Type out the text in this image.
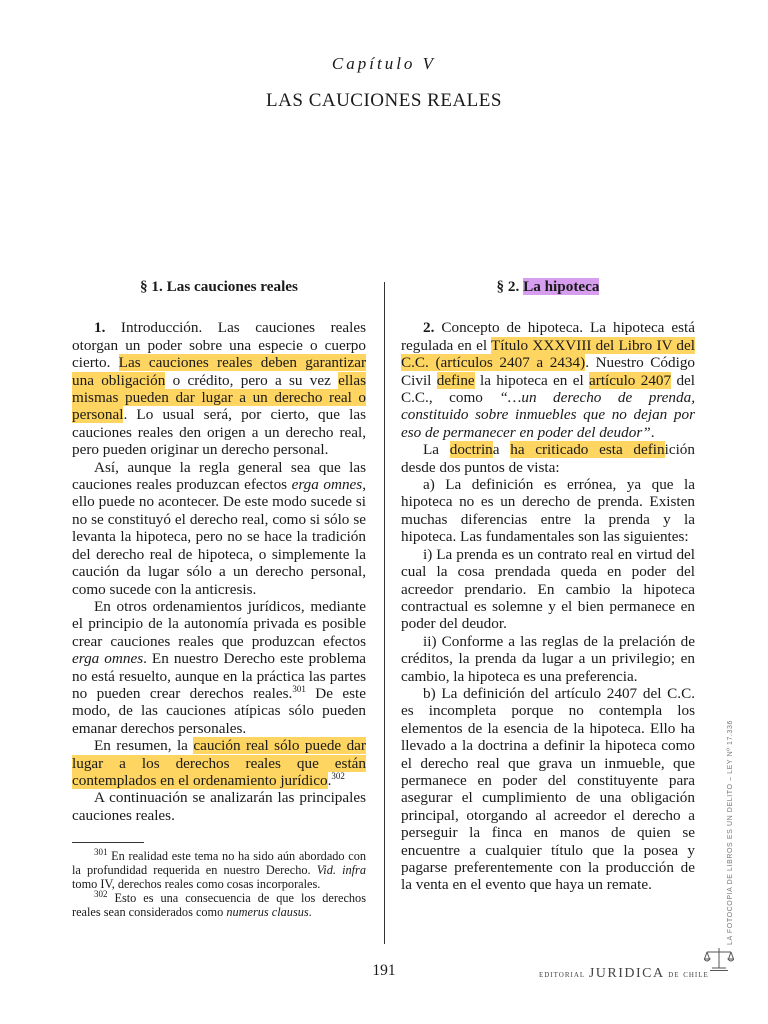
Capítulo V
LAS CAUCIONES REALES
§ 1. Las cauciones reales

1. Introducción. Las cauciones reales otorgan un poder sobre una especie o cuerpo cierto. Las cauciones reales deben garantizar una obligación o crédito, pero a su vez ellas mismas pueden dar lugar a un derecho real o personal. Lo usual será, por cierto, que las cauciones reales den origen a un derecho real, pero pueden originar un derecho personal.

Así, aunque la regla general sea que las cauciones reales produzcan efectos erga omnes, ello puede no acontecer. De este modo sucede si no se constituyó el derecho real, como si sólo se levanta la hipoteca, pero no se hace la tradición del derecho real de hipoteca, o simplemente la caución da lugar sólo a un derecho personal, como sucede con la anticresis.

En otros ordenamientos jurídicos, mediante el principio de la autonomía privada es posible crear cauciones reales que produzcan efectos erga omnes. En nuestro Derecho este problema no está resuelto, aunque en la práctica las partes no pueden crear derechos reales.$^{301}$ De este modo, de las cauciones atípicas sólo pueden emanar derechos personales.

En resumen, la caución real sólo puede dar lugar a los derechos reales que están contemplados en el ordenamiento jurídico.$^{302}$

A continuación se analizarán las principales cauciones reales.

$^{301}$ En realidad este tema no ha sido aún abordado con la profundidad requerida en nuestro Derecho. Vid. infra tomo IV, derechos reales como cosas incorporales.

$^{302}$ Esto es una consecuencia de que los derechos reales sean considerados como numerus clausus.

§ 2. La hipoteca

2. Concepto de hipoteca. La hipoteca está regulada en el Título XXXVIII del Libro IV del C.C. (artículos 2407 a 2434). Nuestro Código Civil define la hipoteca en el artículo 2407 del C.C., como “…un derecho de prenda, constituido sobre inmuebles que no dejan por eso de permanecer en poder del deudor”.

La doctrina ha criticado esta definición desde dos puntos de vista:

a) La definición es errónea, ya que la hipoteca no es un derecho de prenda. Existen muchas diferencias entre la prenda y la hipoteca. Las fundamentales son las siguientes:

i) La prenda es un contrato real en virtud del cual la cosa prendada queda en poder del acreedor prendario. En cambio la hipoteca contractual es solemne y el bien permanece en poder del deudor.

ii) Conforme a las reglas de la prelación de créditos, la prenda da lugar a un privilegio; en cambio, la hipoteca es una preferencia.

b) La definición del artículo 2407 del C.C. es incompleta porque no contempla los elementos de la esencia de la hipoteca. Ello ha llevado a la doctrina a definir la hipoteca como el derecho real que grava un inmueble, que permanece en poder del constituyente para asegurar el cumplimiento de una obligación principal, otorgando al acreedor el derecho a perseguir la finca en manos de quien se encuentre a cualquier título que la posea y pagarse preferentemente con la producción de la venta en el evento que haya un remate.	LA FOTOCOPIA DE LIBROS ES UN DELITO – LEY Nº 17.336
191	editorial JURIDICA de chile
